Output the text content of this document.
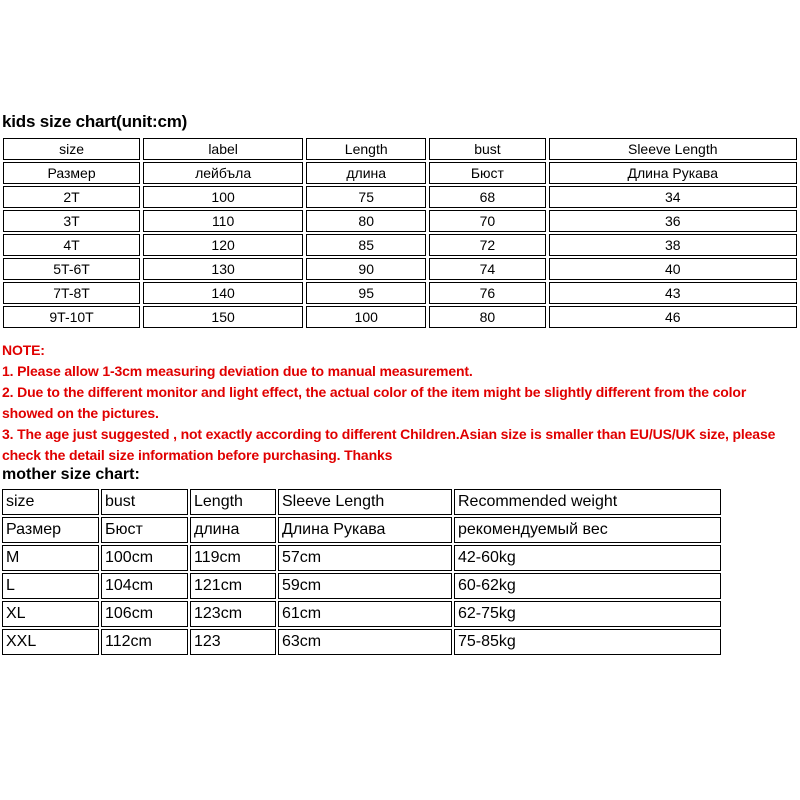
kids size chart(unit:cm)
size	label	Length	bust	Sleeve Length
Размер	лейбъла	длина	Бюст	Длина Рукава
2T	100	75	68	34
3T	110	80	70	36
4T	120	85	72	38
5T-6T	130	90	74	40
7T-8T	140	95	76	43
9T-10T	150	100	80	46

NOTE:

1. Please allow 1-3cm measuring deviation due to manual measurement.

2. Due to the different monitor and light effect, the actual color of the item might be slightly different from the color showed on the pictures.

3. The age just suggested , not exactly according to different Children.Asian size is smaller than EU/US/UK size, please check the detail size information before purchasing. Thanks

mother size chart:
size	bust	Length	Sleeve Length	Recommended weight
Размер	Бюст	длина	Длина Рукава	рекомендуемый вес
M	100cm	119cm	57cm	42-60kg
L	104cm	121cm	59cm	60-62kg
XL	106cm	123cm	61cm	62-75kg
XXL	112cm	123	63cm	75-85kg
